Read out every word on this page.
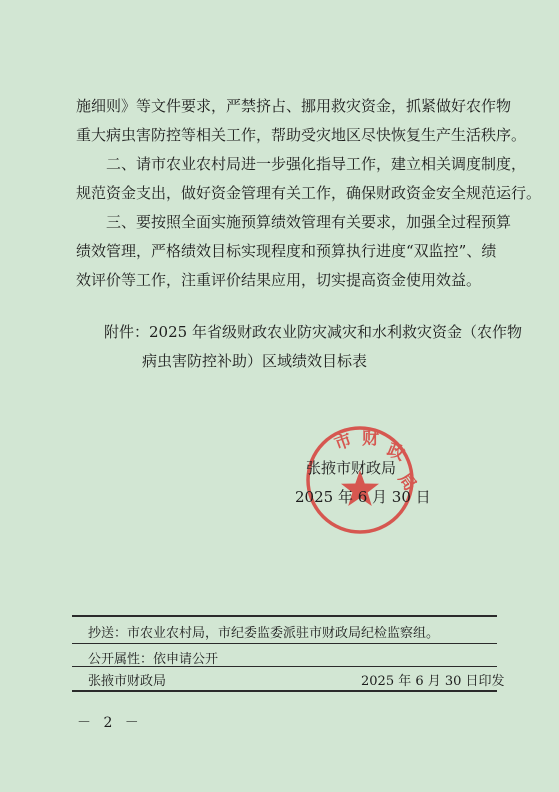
施细则》等文件要求，严禁挤占、挪用救灾资金，抓紧做好农作物
重大病虫害防控等相关工作，帮助受灾地区尽快恢复生产生活秩序。
　　二、请市农业农村局进一步强化指导工作，建立相关调度制度，
规范资金支出，做好资金管理有关工作，确保财政资金安全规范运行。
　　三、要按照全面实施预算绩效管理有关要求，加强全过程预算
绩效管理，严格绩效目标实现程度和预算执行进度“双监控”、绩
效评价等工作，注重评价结果应用，切实提高资金使用效益。
附件：2025 年省级财政农业防灾减灾和水利救灾资金（农作物
病虫害防控补助）区域绩效目标表
市 财
政
局
张掖市财政局
2025 年 6 月 30 日
抄送：市农业农村局，市纪委监委派驻市财政局纪检监察组。
公开属性：依申请公开
张掖市财政局	2025 年 6 月 30 日印发
－ 2 －
